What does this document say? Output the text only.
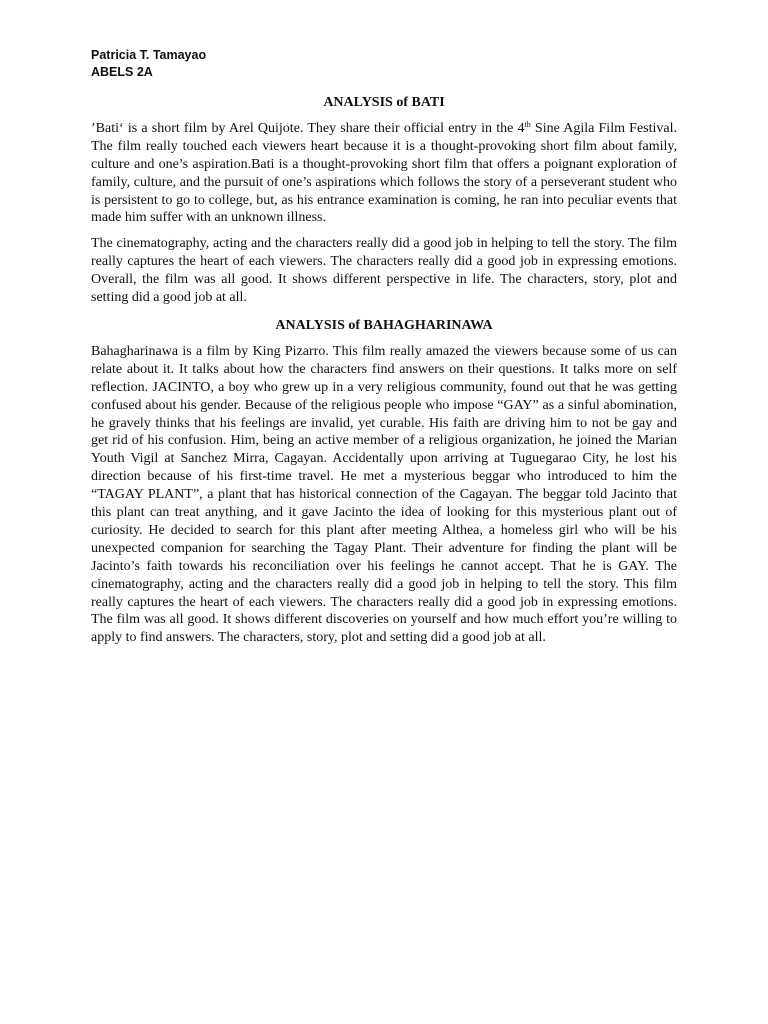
Patricia T. Tamayao
ABELS 2A
ANALYSIS of BATI
’Bati‘ is a short film by Arel Quijote. They share their official entry in the 4th Sine Agila Film Festival. The film really touched each viewers heart because it is a thought-provoking short film about family, culture and one’s aspiration.Bati is a thought-provoking short film that offers a poignant exploration of family, culture, and the pursuit of one’s aspirations which follows the story of a perseverant student who is persistent to go to college, but, as his entrance examination is coming, he ran into peculiar events that made him suffer with an unknown illness.
The cinematography, acting and the characters really did a good job in helping to tell the story. The film really captures the heart of each viewers. The characters really did a good job in expressing emotions. Overall, the film was all good. It shows different perspective in life. The characters, story, plot and setting did a good job at all.
ANALYSIS of BAHAGHARINAWA
Bahagharinawa is a film by King Pizarro. This film really amazed the viewers because some of us can relate about it. It talks about how the characters find answers on their questions. It talks more on self reflection. JACINTO, a boy who grew up in a very religious community, found out that he was getting confused about his gender. Because of the religious people who impose “GAY” as a sinful abomination, he gravely thinks that his feelings are invalid, yet curable. His faith are driving him to not be gay and get rid of his confusion. Him, being an active member of a religious organization, he joined the Marian Youth Vigil at Sanchez Mirra, Cagayan. Accidentally upon arriving at Tuguegarao City, he lost his direction because of his first-time travel. He met a mysterious beggar who introduced to him the “TAGAY PLANT”, a plant that has historical connection of the Cagayan. The beggar told Jacinto that this plant can treat anything, and it gave Jacinto the idea of looking for this mysterious plant out of curiosity. He decided to search for this plant after meeting Althea, a homeless girl who will be his unexpected companion for searching the Tagay Plant. Their adventure for finding the plant will be Jacinto’s faith towards his reconciliation over his feelings he cannot accept. That he is GAY. The cinematography, acting and the characters really did a good job in helping to tell the story. This film really captures the heart of each viewers. The characters really did a good job in expressing emotions. The film was all good. It shows different discoveries on yourself and how much effort you’re willing to apply to find answers. The characters, story, plot and setting did a good job at all.
